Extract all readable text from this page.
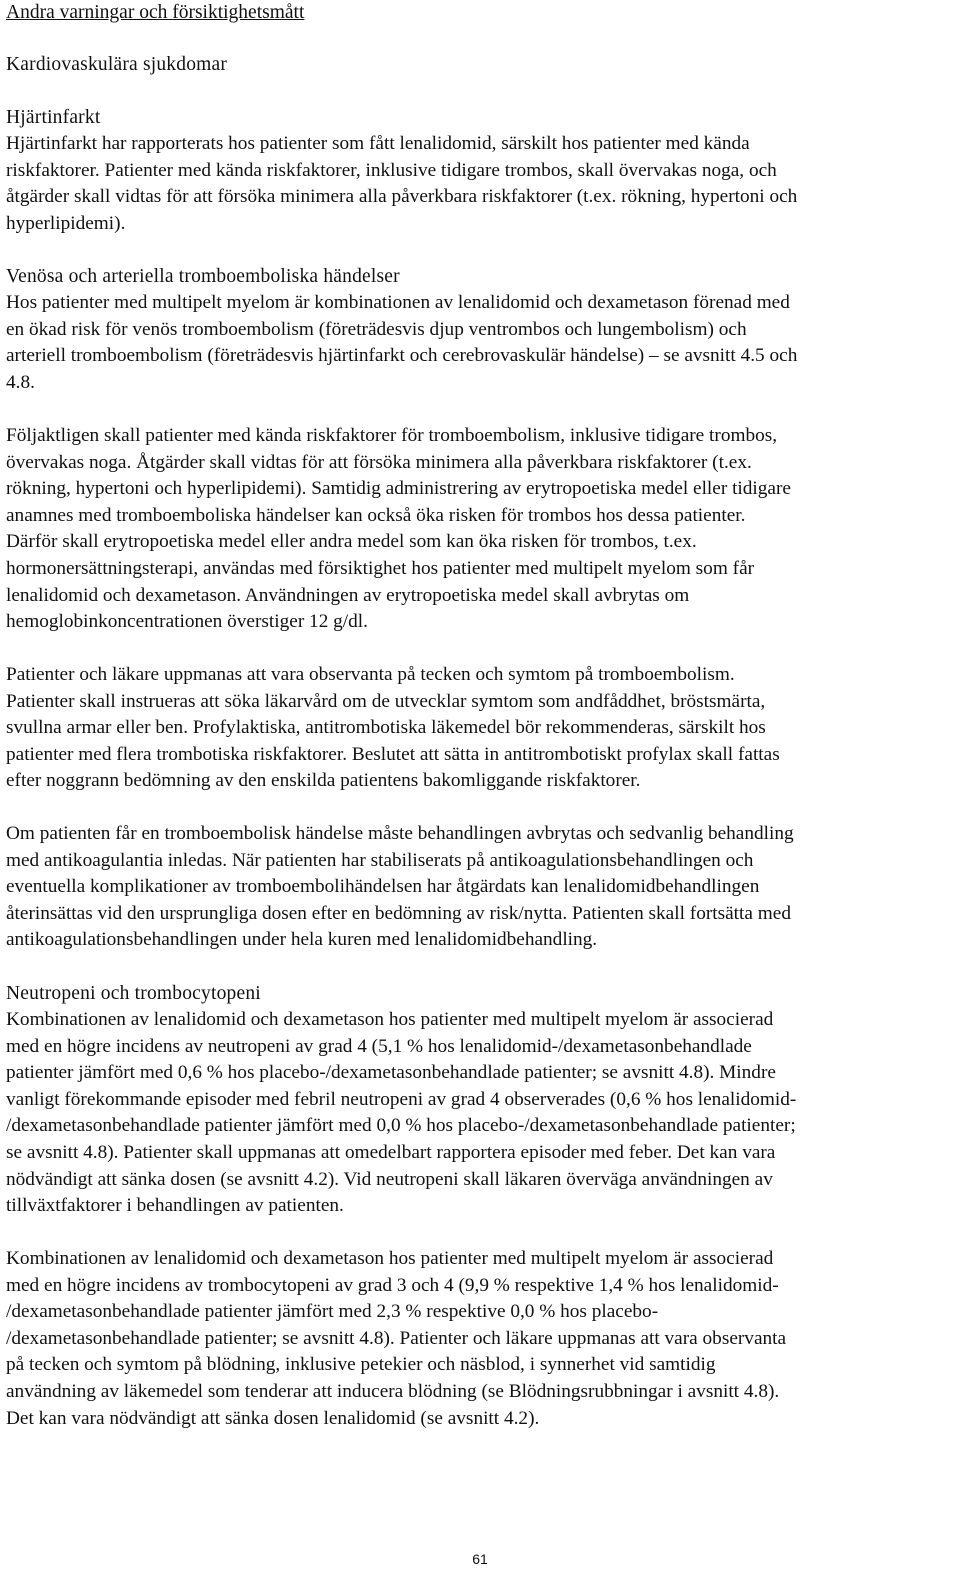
Andra varningar och försiktighetsmått
Kardiovaskulära sjukdomar
Hjärtinfarkt
Hjärtinfarkt har rapporterats hos patienter som fått lenalidomid, särskilt hos patienter med kända
riskfaktorer. Patienter med kända riskfaktorer, inklusive tidigare trombos, skall övervakas noga, och
åtgärder skall vidtas för att försöka minimera alla påverkbara riskfaktorer (t.ex. rökning, hypertoni och
hyperlipidemi).
Venösa och arteriella tromboemboliska händelser
Hos patienter med multipelt myelom är kombinationen av lenalidomid och dexametason förenad med
en ökad risk för venös tromboembolism (företrädesvis djup ventrombos och lungembolism) och
arteriell tromboembolism (företrädesvis hjärtinfarkt och cerebrovaskulär händelse) – se avsnitt 4.5 och
4.8.
Följaktligen skall patienter med kända riskfaktorer för tromboembolism, inklusive tidigare trombos,
övervakas noga. Åtgärder skall vidtas för att försöka minimera alla påverkbara riskfaktorer (t.ex.
rökning, hypertoni och hyperlipidemi). Samtidig administrering av erytropoetiska medel eller tidigare
anamnes med tromboemboliska händelser kan också öka risken för trombos hos dessa patienter.
Därför skall erytropoetiska medel eller andra medel som kan öka risken för trombos, t.ex.
hormonersättningsterapi, användas med försiktighet hos patienter med multipelt myelom som får
lenalidomid och dexametason. Användningen av erytropoetiska medel skall avbrytas om
hemoglobinkoncentrationen överstiger 12 g/dl.
Patienter och läkare uppmanas att vara observanta på tecken och symtom på tromboembolism.
Patienter skall instrueras att söka läkarvård om de utvecklar symtom som andfåddhet, bröstsmärta,
svullna armar eller ben. Profylaktiska, antitrombotiska läkemedel bör rekommenderas, särskilt hos
patienter med flera trombotiska riskfaktorer. Beslutet att sätta in antitrombotiskt profylax skall fattas
efter noggrann bedömning av den enskilda patientens bakomliggande riskfaktorer.
Om patienten får en tromboembolisk händelse måste behandlingen avbrytas och sedvanlig behandling
med antikoagulantia inledas. När patienten har stabiliserats på antikoagulationsbehandlingen och
eventuella komplikationer av tromboembolihändelsen har åtgärdats kan lenalidomidbehandlingen
återinsättas vid den ursprungliga dosen efter en bedömning av risk/nytta. Patienten skall fortsätta med
antikoagulationsbehandlingen under hela kuren med lenalidomidbehandling.
Neutropeni och trombocytopeni
Kombinationen av lenalidomid och dexametason hos patienter med multipelt myelom är associerad
med en högre incidens av neutropeni av grad 4 (5,1 % hos lenalidomid-/dexametasonbehandlade
patienter jämfört med 0,6 % hos placebo-/dexametasonbehandlade patienter; se avsnitt 4.8). Mindre
vanligt förekommande episoder med febril neutropeni av grad 4 observerades (0,6 % hos lenalidomid-
/dexametasonbehandlade patienter jämfört med 0,0 % hos placebo-/dexametasonbehandlade patienter;
se avsnitt 4.8). Patienter skall uppmanas att omedelbart rapportera episoder med feber. Det kan vara
nödvändigt att sänka dosen (se avsnitt 4.2). Vid neutropeni skall läkaren överväga användningen av
tillväxtfaktorer i behandlingen av patienten.
Kombinationen av lenalidomid och dexametason hos patienter med multipelt myelom är associerad
med en högre incidens av trombocytopeni av grad 3 och 4 (9,9 % respektive 1,4 % hos lenalidomid-
/dexametasonbehandlade patienter jämfört med 2,3 % respektive 0,0 % hos placebo-
/dexametasonbehandlade patienter; se avsnitt 4.8). Patienter och läkare uppmanas att vara observanta
på tecken och symtom på blödning, inklusive petekier och näsblod, i synnerhet vid samtidig
användning av läkemedel som tenderar att inducera blödning (se Blödningsrubbningar i avsnitt 4.8).
Det kan vara nödvändigt att sänka dosen lenalidomid (se avsnitt 4.2).
61
